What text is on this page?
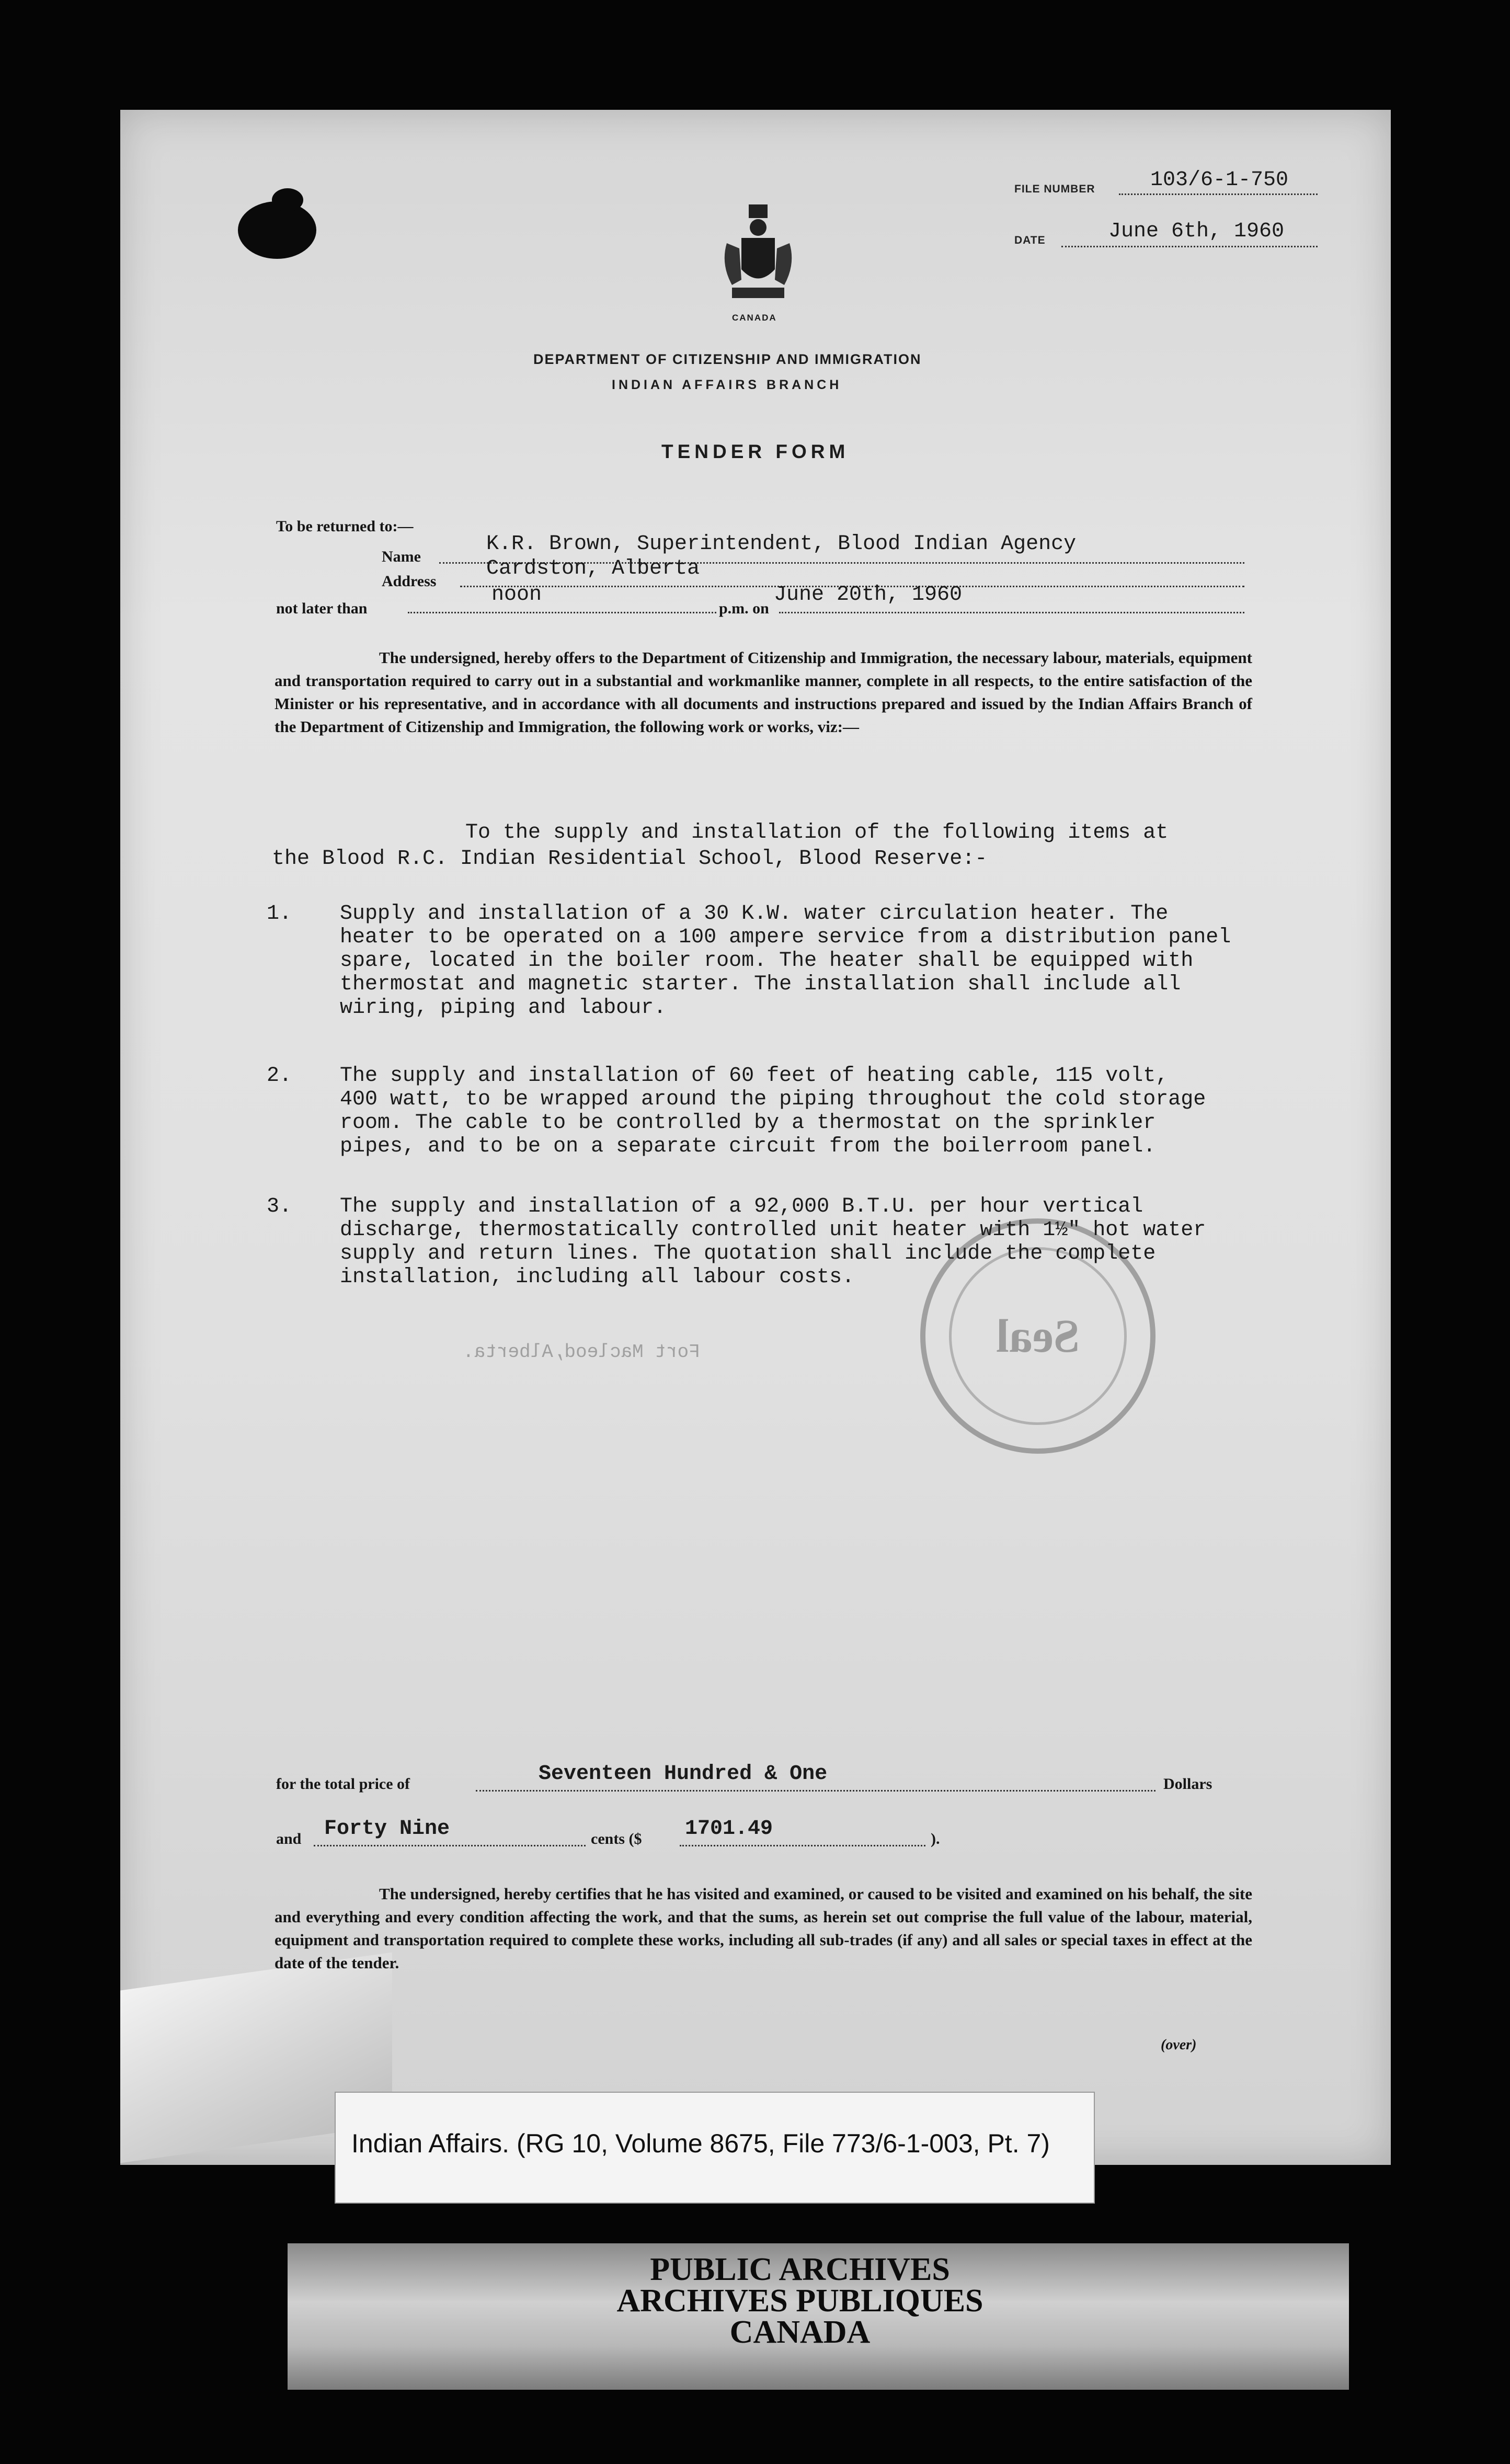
FILE NUMBER	103/6-1-750
DATE	June 6th, 1960
CANADA
DEPARTMENT OF CITIZENSHIP AND IMMIGRATION
INDIAN AFFAIRS BRANCH
TENDER FORM
To be returned to:—
Name
K.R. Brown, Superintendent, Blood Indian Agency
Address
Cardston, Alberta
not later than
noon
p.m. on
June 20th, 1960
The undersigned, hereby offers to the Department of Citizenship and Immigration, the necessary labour, materials, equipment and transportation required to carry out in a substantial and workmanlike manner, complete in all respects, to the entire satisfaction of the Minister or his representative, and in accordance with all documents and instructions prepared and issued by the Indian Affairs Branch of the Department of Citizenship and Immigration, the following work or works, viz:—
To the supply and installation of the following items at
the Blood R.C. Indian Residential School, Blood Reserve:-
1. Supply and installation of a 30 K.W. water circulation heater. The
heater to be operated on a 100 ampere service from a distribution panel
spare, located in the boiler room. The heater shall be equipped with
thermostat and magnetic starter. The installation shall include all
wiring, piping and labour.
2. The supply and installation of 60 feet of heating cable, 115 volt,
400 watt, to be wrapped around the piping throughout the cold storage
room. The cable to be controlled by a thermostat on the sprinkler
pipes, and to be on a separate circuit from the boilerroom panel.
3. The supply and installation of a 92,000 B.T.U. per hour vertical
discharge, thermostatically controlled unit heater with 1½" hot water
supply and return lines. The quotation shall include the complete
installation, including all labour costs.
Fort Macleod,Alberta.	Seal
for the total price of	Seventeen Hundred & One	Dollars
and Forty Nine	cents ($ 1701.49	).
The undersigned, hereby certifies that he has visited and examined, or caused to be visited and examined on his behalf, the site and everything and every condition affecting the work, and that the sums, as herein set out comprise the full value of the labour, material, equipment and transportation required to complete these works, including all sub-trades (if any) and all sales or special taxes in effect at the date of the tender.
(over)
Indian Affairs. (RG 10, Volume 8675, File 773/6-1-003, Pt. 7)
PUBLIC ARCHIVES
ARCHIVES PUBLIQUES
CANADA
